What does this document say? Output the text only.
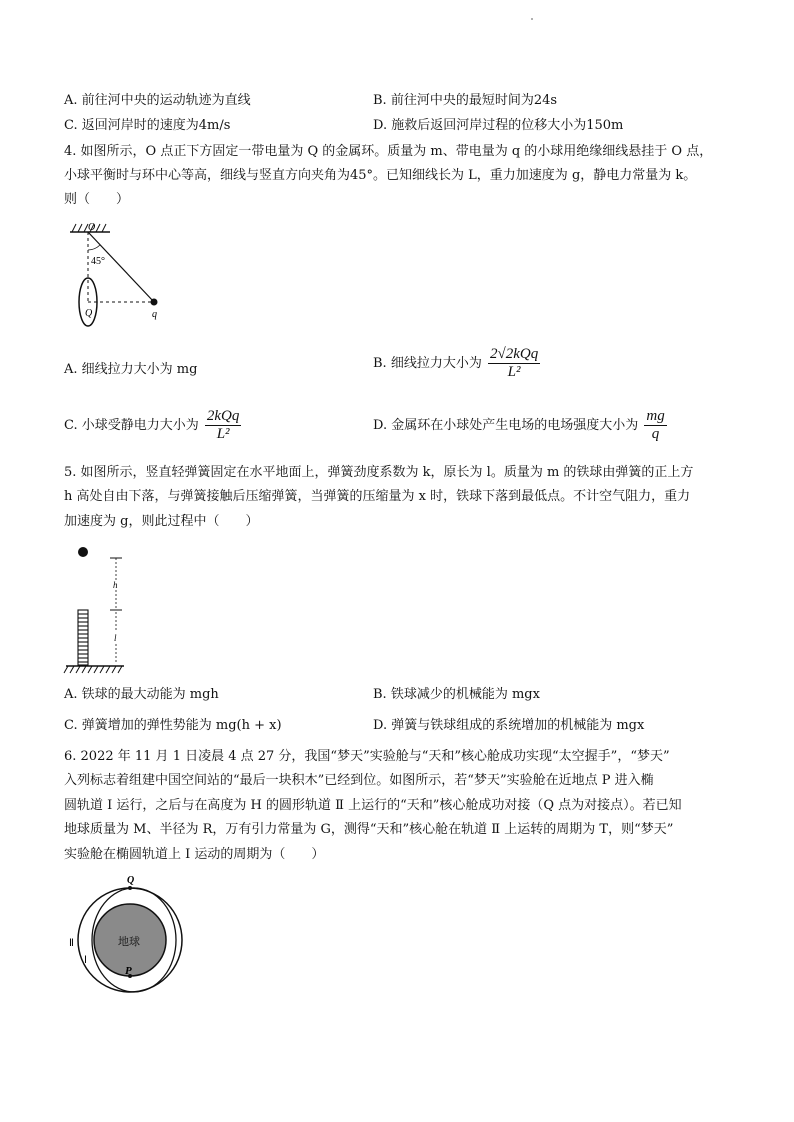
A. 前往河中央的运动轨迹为直线	B. 前往河中央的最短时间为24s
C. 返回河岸时的速度为4m/s	D. 施救后返回河岸过程的位移大小为150m
4. 如图所示，O 点正下方固定一带电量为 Q 的金属环。质量为 m、带电量为 q 的小球用绝缘细线悬挂于 O 点，
小球平衡时与环中心等高，细线与竖直方向夹角为45°。已知细线长为 L，重力加速度为 g，静电力常量为 k。
则（　　）
O
45°
Q	q
A. 细线拉力大小为 mg	B. 细线拉力大小为 $\frac{\text{2√2kQq}}{\text{L²}}$
C. 小球受静电力大小为 $\frac{\text{2kQq}}{\text{L²}}$	D. 金属环在小球处产生电场的电场强度大小为 $\frac{mg}{q}$
5. 如图所示，竖直轻弹簧固定在水平地面上，弹簧劲度系数为 k，原长为 l。质量为 m 的铁球由弹簧的正上方
h 高处自由下落，与弹簧接触后压缩弹簧，当弹簧的压缩量为 x 时，铁球下落到最低点。不计空气阻力，重力
加速度为 g，则此过程中（　　）
h
l
A. 铁球的最大动能为 mgh	B. 铁球减少的机械能为 mgx
C. 弹簧增加的弹性势能为 mg(h + x)	D. 弹簧与铁球组成的系统增加的机械能为 mgx
6. 2022 年 11 月 1 日凌晨 4 点 27 分，我国“梦天”实验舱与“天和”核心舱成功实现“太空握手”，“梦天”
入列标志着组建中国空间站的“最后一块积木”已经到位。如图所示，若“梦天”实验舱在近地点 P 进入椭
圆轨道 Ⅰ 运行，之后与在高度为 H 的圆形轨道 Ⅱ 上运行的“天和”核心舱成功对接（Q 点为对接点）。若已知
地球质量为 M、半径为 R，万有引力常量为 G，测得“天和”核心舱在轨道 Ⅱ 上运转的周期为 T，则“梦天”
实验舱在椭圆轨道上 Ⅰ 运动的周期为（　　）
Q
P
地球
Ⅱ
Ⅰ
